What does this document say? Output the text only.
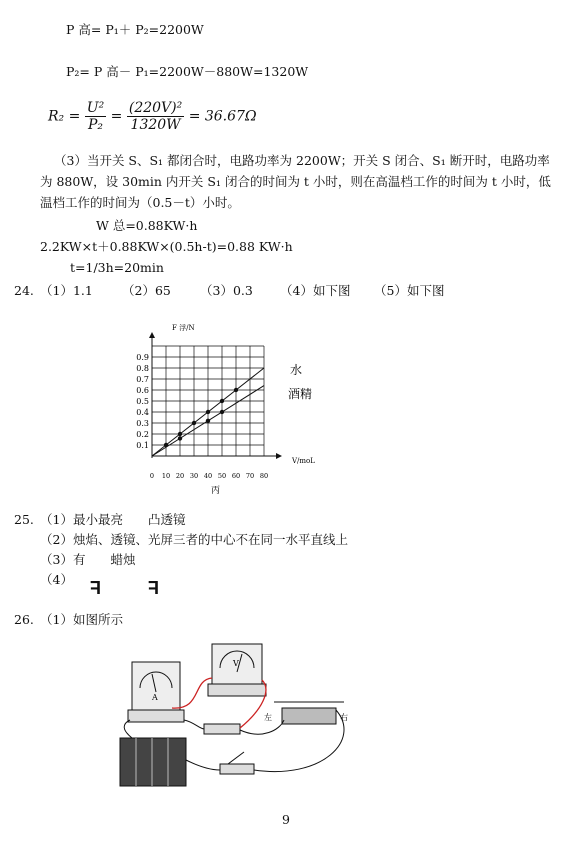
P 高= P₁＋ P₂=2200W
P₂= P 高－ P₁=2200W－880W=1320W
$R_2 = \frac{\text{U²}}{\text{P₂}} = \frac{\text{(220V)²}}{1320W} = 36.67\Omega$
（3）当开关 S、S₁ 都闭合时，电路功率为 2200W；开关 S 闭合、S₁ 断开时，电路功率为 880W，设 30min 内开关 S₁ 闭合的时间为 t 小时，则在高温档工作的时间为 t 小时，低温档工作的时间为（0.5－t）小时。
W 总=0.88KW·h
2.2KW×t＋0.88KW×(0.5h-t)=0.88 KW·h
t=1/3h=20min
24. （1）1.1 （2）65 （3）0.3 （4）如下图 （5）如下图
0.1
0.2
0.3
0.4
0.5
0.6
0.7
0.8
0.9
0 10 20 30 40 50 60 70 80
F 浮/N
V/moL
丙
水
酒精
25. （1）最小最亮　　凸透镜
（2）烛焰、透镜、光屏三者的中心不在同一水平直线上
（3）有　　蜡烛
（4） F	F
26. （1）如图所示
A
V
左	右
9
